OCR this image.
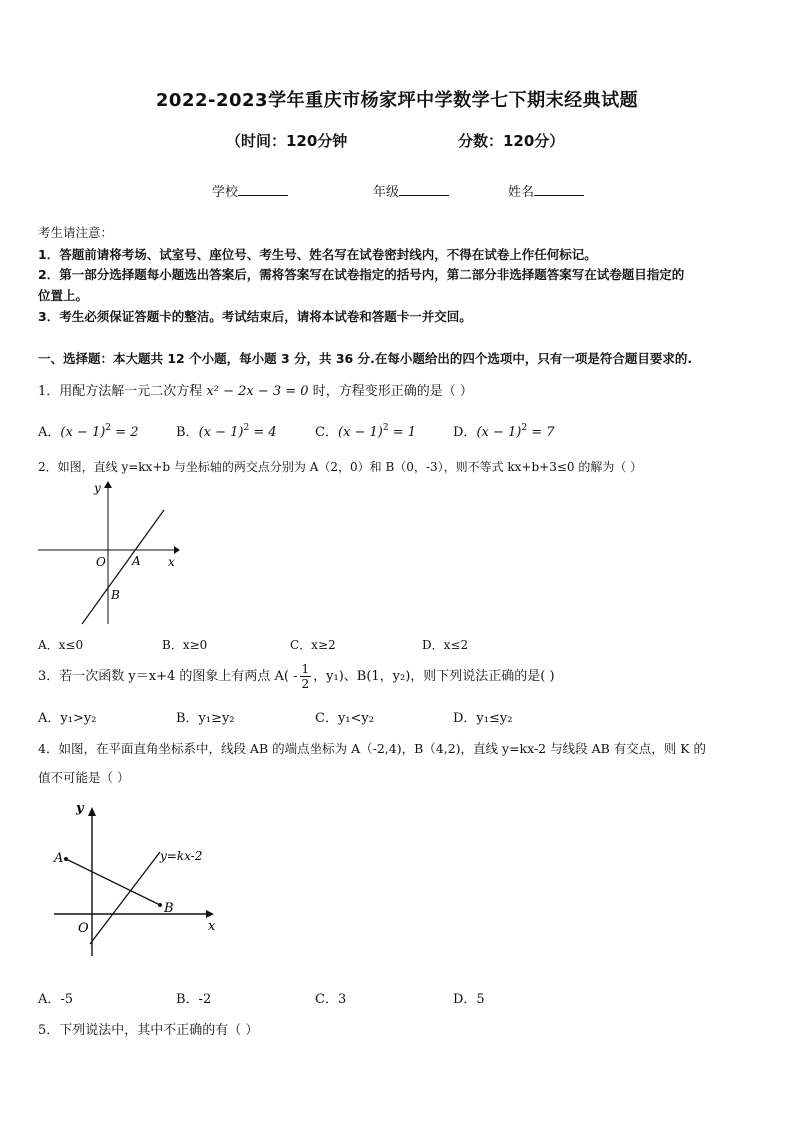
2022-2023学年重庆市杨家坪中学数学七下期末经典试题
（时间：120分钟	分数：120分）
学校	年级	姓名
考生请注意：
1．答题前请将考场、试室号、座位号、考生号、姓名写在试卷密封线内，不得在试卷上作任何标记。
2．第一部分选择题每小题选出答案后，需将答案写在试卷指定的括号内，第二部分非选择题答案写在试卷题目指定的
位置上。
3．考生必须保证答题卡的整洁。考试结束后，请将本试卷和答题卡一并交回。
一、选择题：本大题共 12 个小题，每小题 3 分，共 36 分.在每小题给出的四个选项中，只有一项是符合题目要求的.
1．用配方法解一元二次方程 x² − 2x − 3 = 0 时，方程变形正确的是（ ）
A．$(x - 1)^2 = 2$	B．$(x - 1)^2 = 4$	C．$(x - 1)^2 = 1$	D．$(x - 1)^2 = 7$
2．如图，直线 y=kx+b 与坐标轴的两交点分别为 A（2，0）和 B（0，-3），则不等式 kx+b+3≤0 的解为（ ）
y
x
O A
B
A．x≤0	B．x≥0	C．x≥2	D．x≤2
3．若一次函数 y＝x+4 的图象上有两点 $A( - \frac{1}{2}$ ，y₁)、B(1，y₂)，则下列说法正确的是( )
A．y₁>y₂	B．y₁≥y₂	C．y₁<y₂	D．y₁≤y₂
4．如图，在平面直角坐标系中，线段 AB 的端点坐标为 A（-2,4)，B（4,2)，直线 y=kx-2 与线段 AB 有交点，则 K 的
值不可能是（ ）
y
x
O
A
B
y=kx-2
A．-5	B．-2	C．3	D．5
5．下列说法中，其中不正确的有（ ）
